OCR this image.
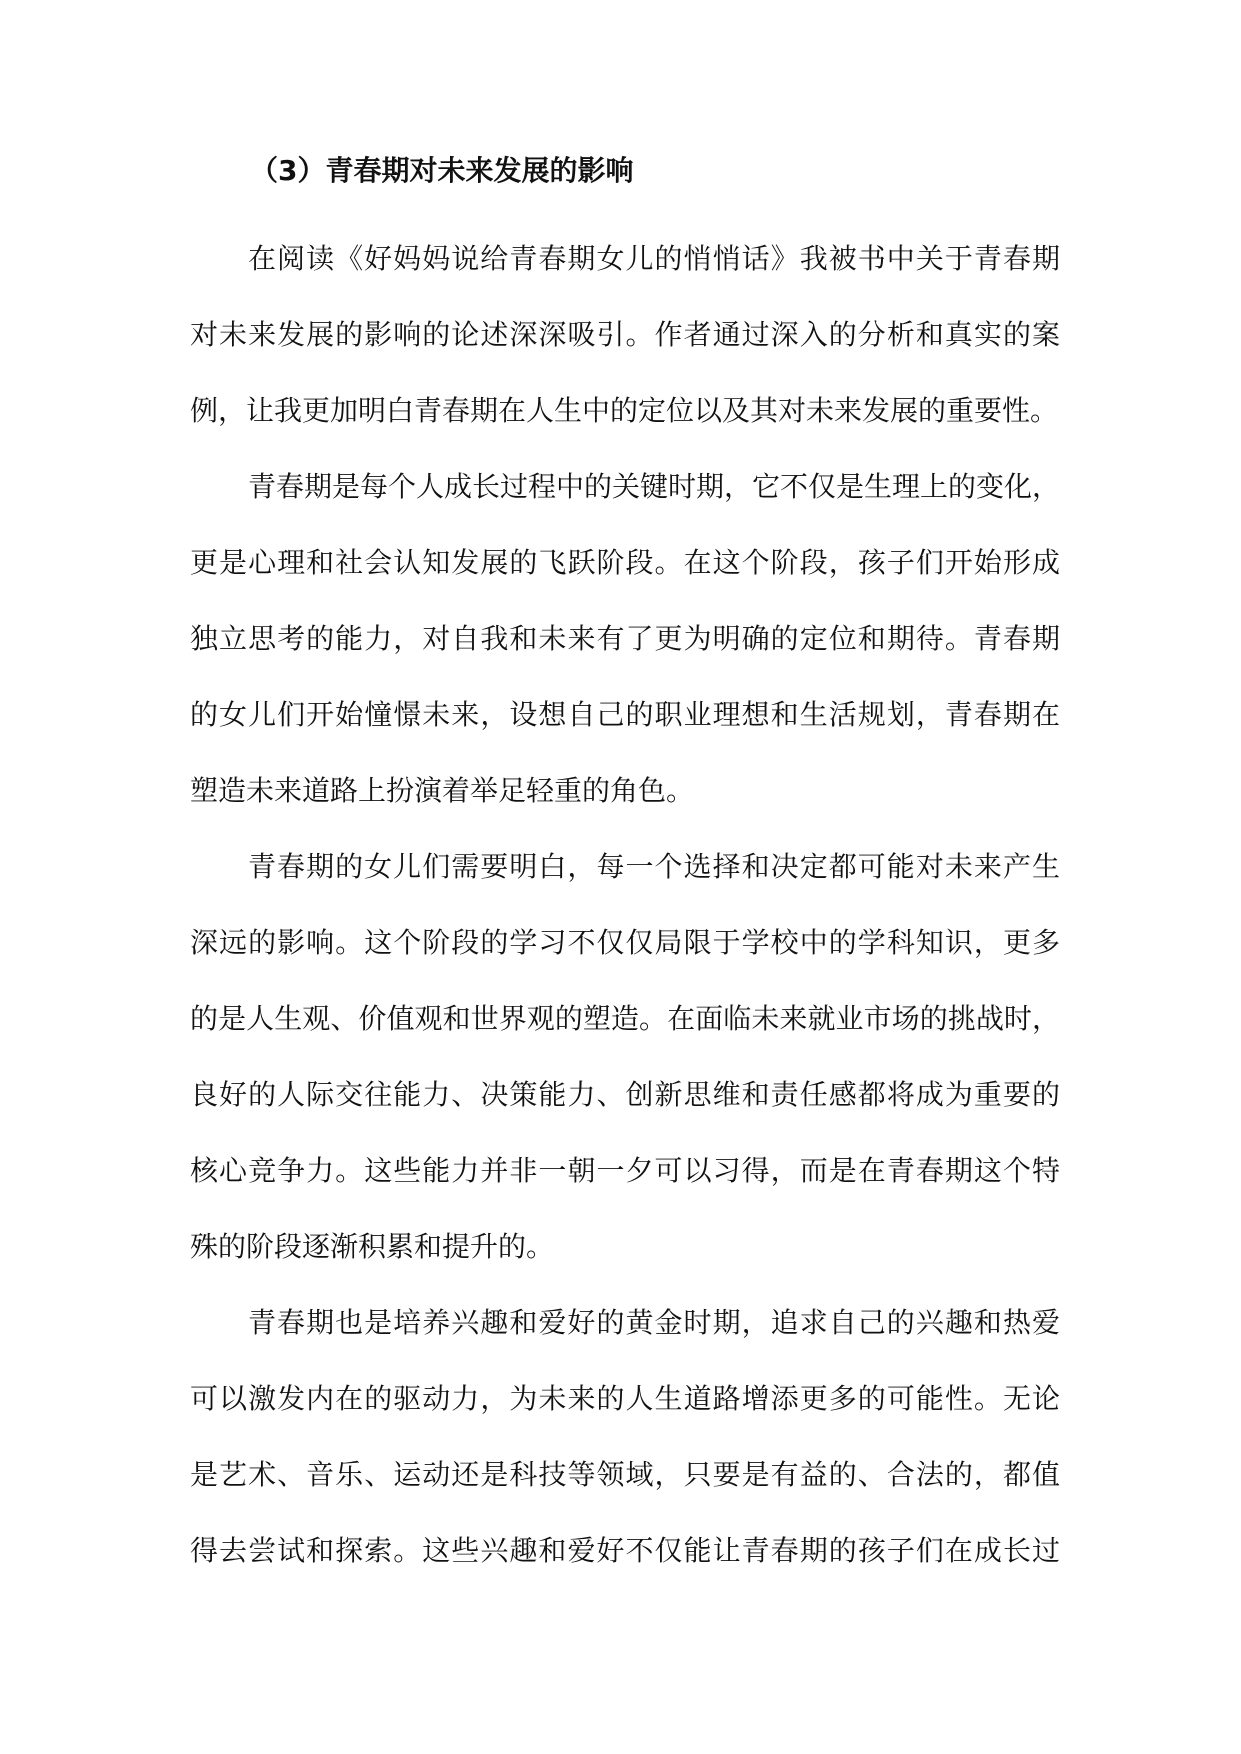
（3）青春期对未来发展的影响
在阅读《好妈妈说给青春期女儿的悄悄话》我被书中关于青春期
对未来发展的影响的论述深深吸引。作者通过深入的分析和真实的案
例，让我更加明白青春期在人生中的定位以及其对未来发展的重要性。
青春期是每个人成长过程中的关键时期，它不仅是生理上的变化，
更是心理和社会认知发展的飞跃阶段。在这个阶段，孩子们开始形成
独立思考的能力，对自我和未来有了更为明确的定位和期待。青春期
的女儿们开始憧憬未来，设想自己的职业理想和生活规划，青春期在
塑造未来道路上扮演着举足轻重的角色。
青春期的女儿们需要明白，每一个选择和决定都可能对未来产生
深远的影响。这个阶段的学习不仅仅局限于学校中的学科知识，更多
的是人生观、价值观和世界观的塑造。在面临未来就业市场的挑战时，
良好的人际交往能力、决策能力、创新思维和责任感都将成为重要的
核心竞争力。这些能力并非一朝一夕可以习得，而是在青春期这个特
殊的阶段逐渐积累和提升的。
青春期也是培养兴趣和爱好的黄金时期，追求自己的兴趣和热爱
可以激发内在的驱动力，为未来的人生道路增添更多的可能性。无论
是艺术、音乐、运动还是科技等领域，只要是有益的、合法的，都值
得去尝试和探索。这些兴趣和爱好不仅能让青春期的孩子们在成长过
